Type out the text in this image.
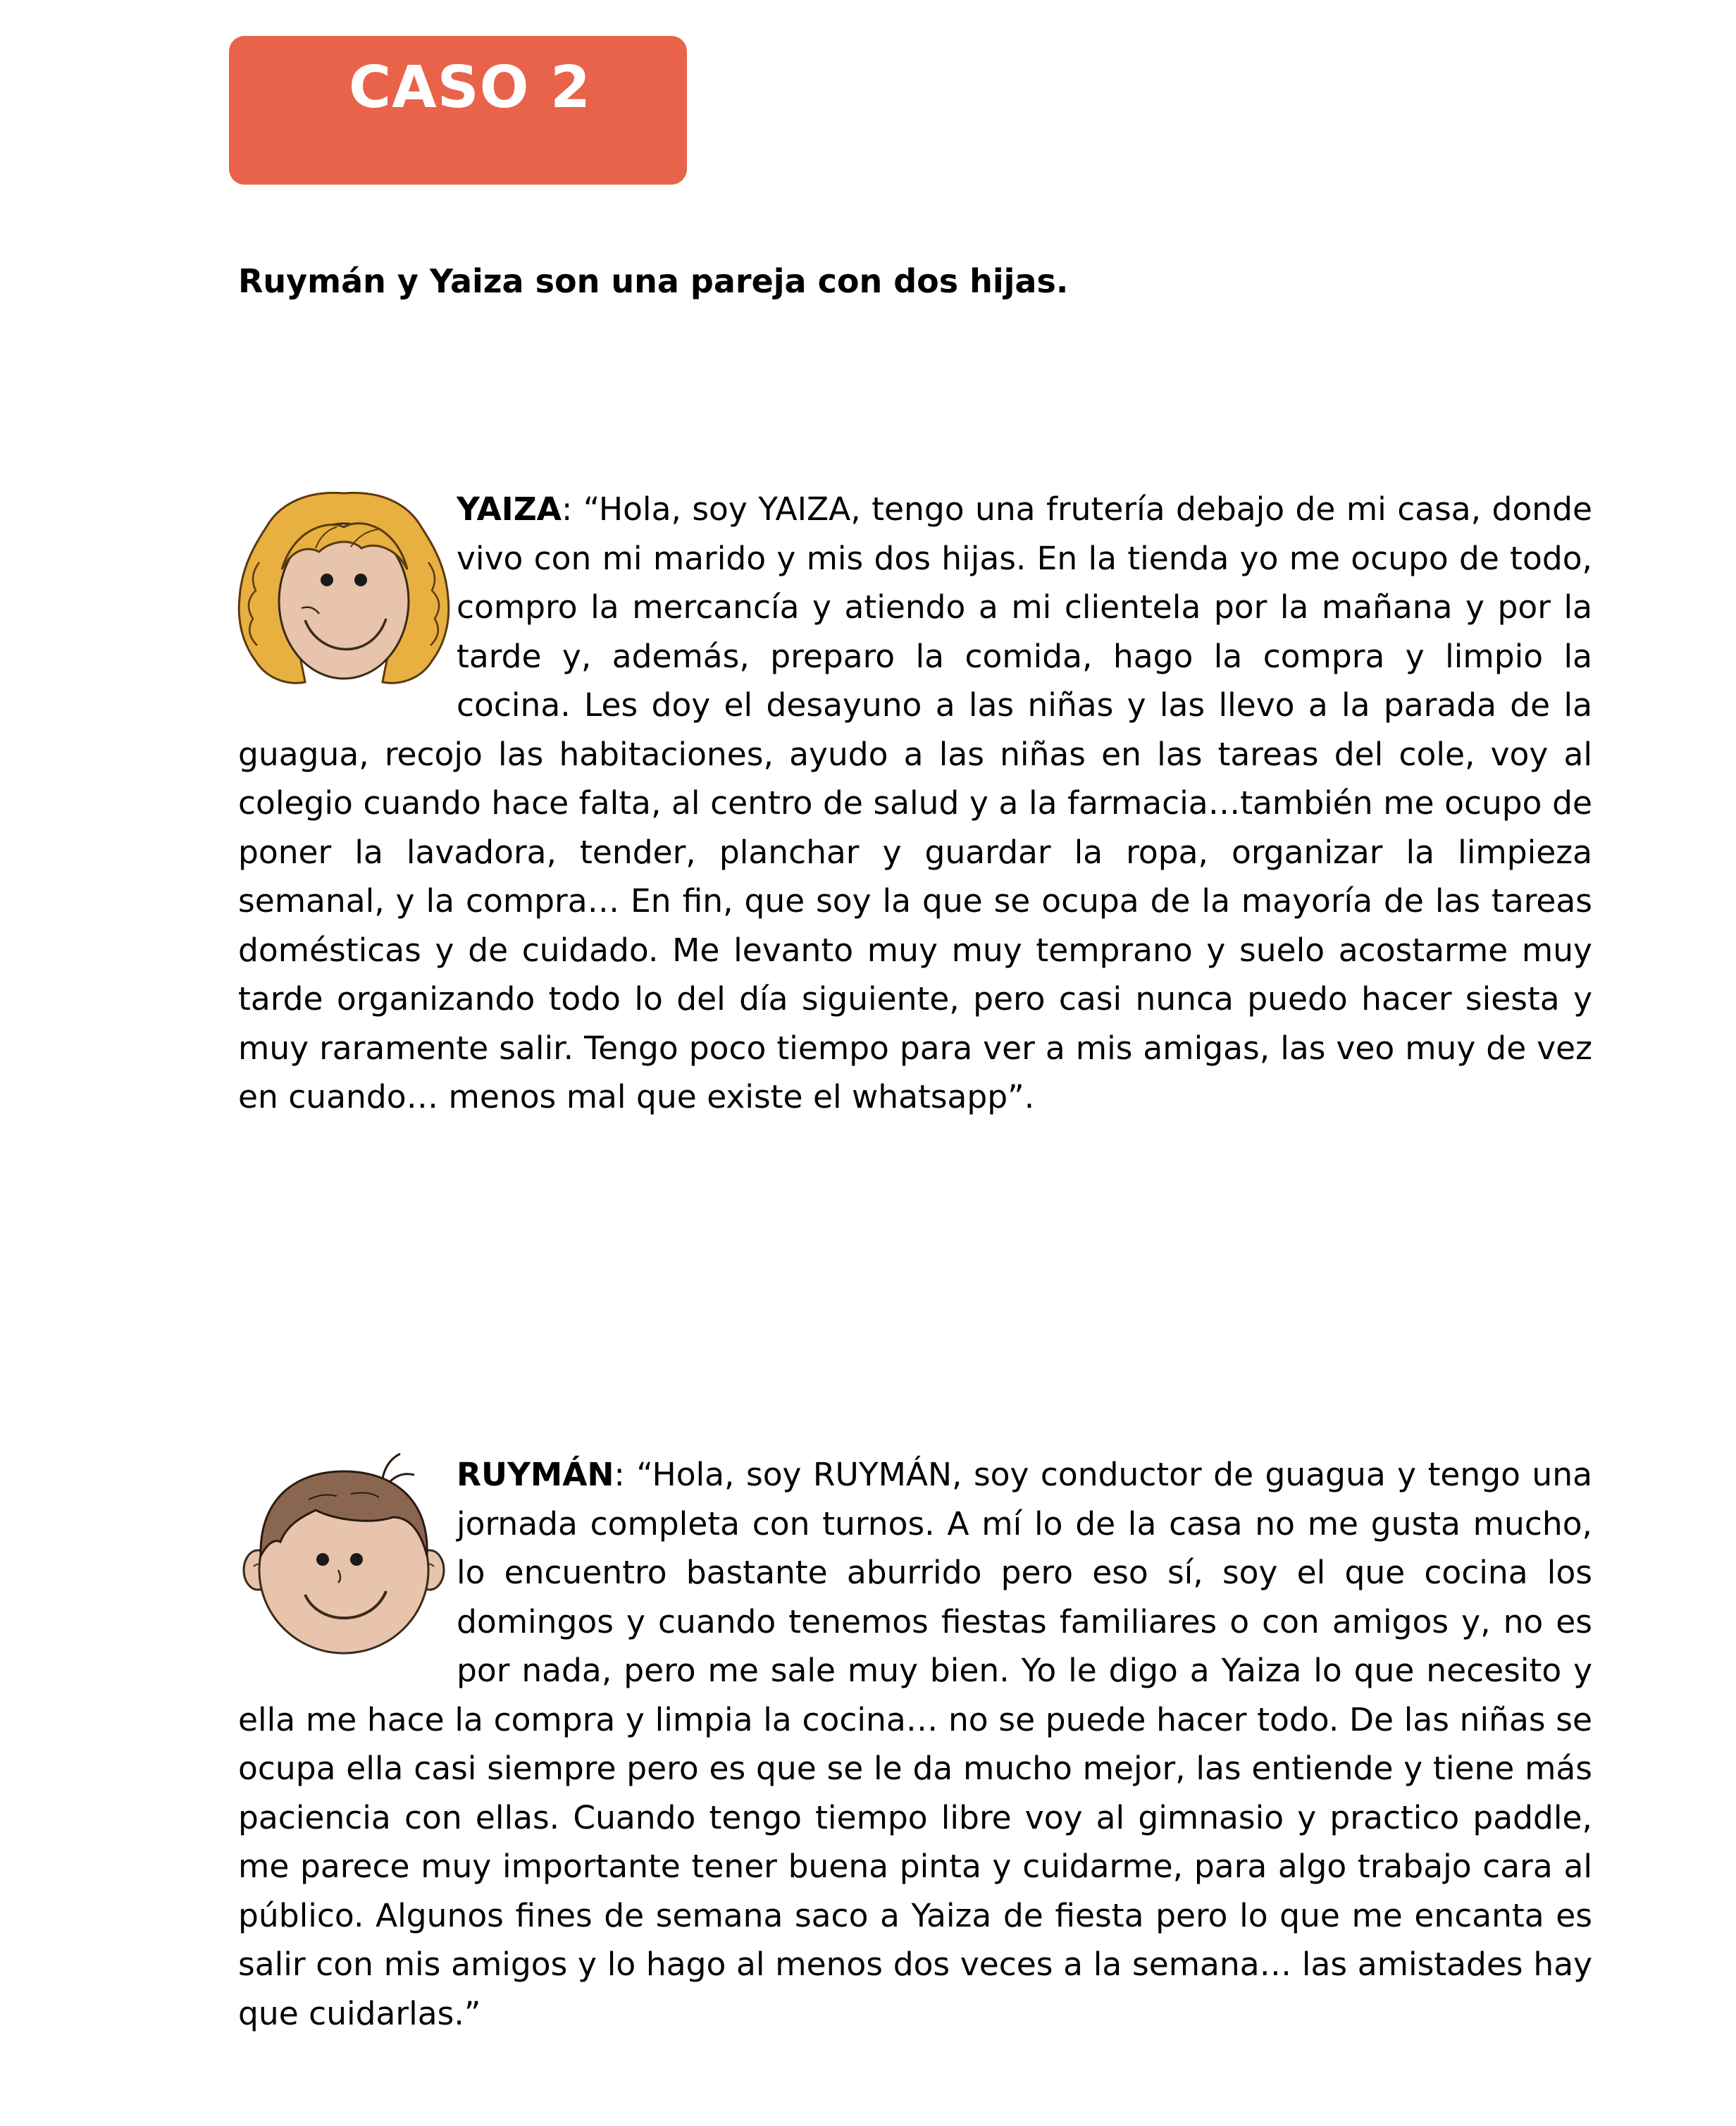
CASO 2
Ruymán y Yaiza son una pareja con dos hijas.

YAIZA: “Hola, soy YAIZA, tengo una frutería debajo de mi casa, donde vivo con mi marido y mis dos hijas. En la tienda yo me ocupo de todo, compro la mercancía y atiendo a mi clientela por la mañana y por la tarde y, además, preparo la comida, hago la compra y limpio la cocina. Les doy el desayuno a las niñas y las llevo a la parada de la guagua, recojo las habitaciones, ayudo a las niñas en las tareas del cole, voy al colegio cuando hace falta, al centro de salud y a la farmacia…también me ocupo de poner la lavadora, tender, planchar y guardar la ropa, organizar la limpieza semanal, y la compra… En fin, que soy la que se ocupa de la mayoría de las tareas domésticas y de cuidado. Me levanto muy muy temprano y suelo acostarme muy tarde organizando todo lo del día siguiente, pero casi nunca puedo hacer siesta y muy raramente salir. Tengo poco tiempo para ver a mis amigas, las veo muy de vez en cuando… menos mal que existe el whatsapp”.

RUYMÁN: “Hola, soy RUYMÁN, soy conductor de guagua y tengo una jornada completa con turnos. A mí lo de la casa no me gusta mucho, lo encuentro bastante aburrido pero eso sí, soy el que cocina los domingos y cuando tenemos fiestas familiares o con amigos y, no es por nada, pero me sale muy bien. Yo le digo a Yaiza lo que necesito y ella me hace la compra y limpia la cocina… no se puede hacer todo. De las niñas se ocupa ella casi siempre pero es que se le da mucho mejor, las entiende y tiene más paciencia con ellas. Cuando tengo tiempo libre voy al gimnasio y practico paddle, me parece muy importante tener buena pinta y cuidarme, para algo trabajo cara al público. Algunos fines de semana saco a Yaiza de fiesta pero lo que me encanta es salir con mis amigos y lo hago al menos dos veces a la semana… las amistades hay que cuidarlas.”
